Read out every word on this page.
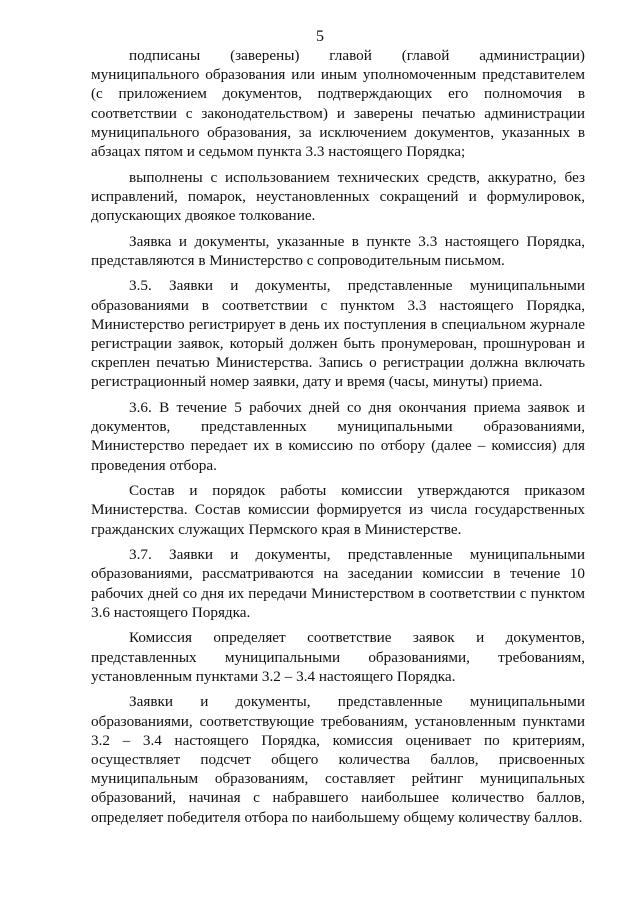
5

подписаны (заверены) главой (главой администрации) муниципального образования или иным уполномоченным представителем (с приложением документов, подтверждающих его полномочия в соответствии с законодательством) и заверены печатью администрации муниципального образования, за исключением документов, указанных в абзацах пятом и седьмом пункта 3.3 настоящего Порядка;

выполнены с использованием технических средств, аккуратно, без исправлений, помарок, неустановленных сокращений и формулировок, допускающих двоякое толкование.

Заявка и документы, указанные в пункте 3.3 настоящего Порядка, представляются в Министерство с сопроводительным письмом.

3.5. Заявки и документы, представленные муниципальными образованиями в соответствии с пунктом 3.3 настоящего Порядка, Министерство регистрирует в день их поступления в специальном журнале регистрации заявок, который должен быть пронумерован, прошнурован и скреплен печатью Министерства. Запись о регистрации должна включать регистрационный номер заявки, дату и время (часы, минуты) приема.

3.6. В течение 5 рабочих дней со дня окончания приема заявок и документов, представленных муниципальными образованиями, Министерство передает их в комиссию по отбору (далее – комиссия) для проведения отбора.

Состав и порядок работы комиссии утверждаются приказом Министерства. Состав комиссии формируется из числа государственных гражданских служащих Пермского края в Министерстве.

3.7. Заявки и документы, представленные муниципальными образованиями, рассматриваются на заседании комиссии в течение 10 рабочих дней со дня их передачи Министерством в соответствии с пунктом 3.6 настоящего Порядка.

Комиссия определяет соответствие заявок и документов, представленных муниципальными образованиями, требованиям, установленным пунктами 3.2 – 3.4 настоящего Порядка.

Заявки и документы, представленные муниципальными образованиями, соответствующие требованиям, установленным пунктами 3.2 – 3.4 настоящего Порядка, комиссия оценивает по критериям, осуществляет подсчет общего количества баллов, присвоенных муниципальным образованиям, составляет рейтинг муниципальных образований, начиная с набравшего наибольшее количество баллов, определяет победителя отбора по наибольшему общему количеству баллов.
